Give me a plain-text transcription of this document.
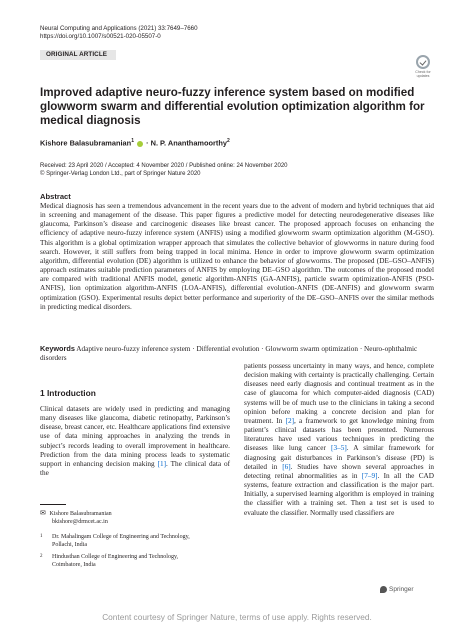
Neural Computing and Applications (2021) 33:7649–7660
https://doi.org/10.1007/s00521-020-05507-0
ORIGINAL ARTICLE
Check for updates
Improved adaptive neuro-fuzzy inference system based on modified glowworm swarm and differential evolution optimization algorithm for medical diagnosis
Kishore Balasubramanian$^1$  · N. P. Ananthamoorthy$^2$
Received: 23 April 2020 / Accepted: 4 November 2020 / Published online: 24 November 2020
© Springer-Verlag London Ltd., part of Springer Nature 2020
Abstract
Medical diagnosis has seen a tremendous advancement in the recent years due to the advent of modern and hybrid techniques that aid in screening and management of the disease. This paper figures a predictive model for detecting neurodegenerative diseases like glaucoma, Parkinson’s disease and carcinogenic diseases like breast cancer. The proposed approach focuses on enhancing the efficiency of adaptive neuro-fuzzy inference system (ANFIS) using a modified glowworm swarm optimization algorithm (M-GSO). This algorithm is a global optimization wrapper approach that simulates the collective behavior of glowworms in nature during food search. However, it still suffers from being trapped in local minima. Hence in order to improve glowworm swarm optimization algorithm, differential evolution (DE) algorithm is utilized to enhance the behavior of glowworms. The proposed (DE–GSO–ANFIS) approach estimates suitable prediction parameters of ANFIS by employing DE–GSO algorithm. The outcomes of the proposed model are compared with traditional ANFIS model, genetic algorithm-ANFIS (GA-ANFIS), particle swarm optimization-ANFIS (PSO-ANFIS), lion optimization algorithm-ANFIS (LOA-ANFIS), differential evolution-ANFIS (DE-ANFIS) and glowworm swarm optimization (GSO). Experimental results depict better performance and superiority of the DE–GSO–ANFIS over the similar methods in predicting medical disorders.
Keywords Adaptive neuro-fuzzy inference system · Differential evolution · Glowworm swarm optimization · Neuro-ophthalmic disorders
1 Introduction
Clinical datasets are widely used in predicting and managing many diseases like glaucoma, diabetic retinopathy, Parkinson’s disease, breast cancer, etc. Healthcare applications find extensive use of data mining approaches in analyzing the trends in subject’s records leading to overall improvement in healthcare. Prediction from the data mining process leads to systematic support in enhancing decision making [1]. The clinical data of the
patients possess uncertainty in many ways, and hence, complete decision making with certainty is practically challenging. Certain diseases need early diagnosis and continual treatment as in the case of glaucoma for which computer-aided diagnosis (CAD) systems will be of much use to the clinicians in taking a second opinion before making a concrete decision and plan for treatment. In [2], a framework to get knowledge mining from patient’s clinical datasets has been presented. Numerous literatures have used various techniques in predicting the diseases like lung cancer [3–5]. A similar framework for diagnosing gait disturbances in Parkinson’s disease (PD) is detailed in [6]. Studies have shown several approaches in detecting retinal abnormalities as in [7–9]. In all the CAD systems, feature extraction and classification is the major part. Initially, a supervised learning algorithm is employed in training the classifier with a training set. Then a test set is used to evaluate the classifier. Normally used classifiers are
✉ Kishore Balasubramanian
bkishore@drmcet.ac.in
1 Dr. Mahalingam College of Engineering and Technology,
Pollachi, India
2 Hindusthan College of Engineering and Technology,
Coimbatore, India
Springer
Content courtesy of Springer Nature, terms of use apply. Rights reserved.
